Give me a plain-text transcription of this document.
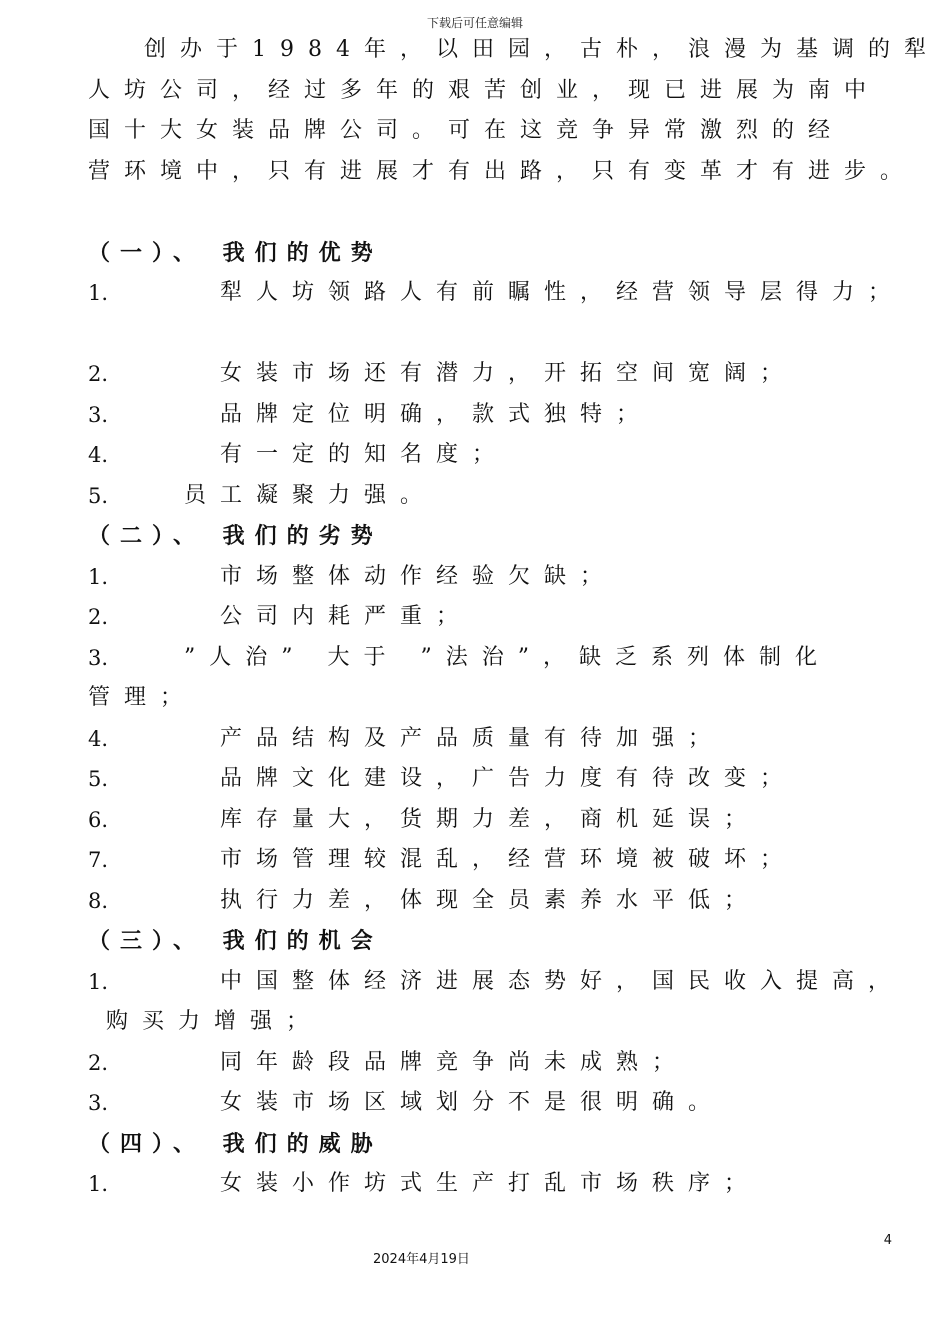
下载后可任意编辑
创办于1984年，以田园，古朴，浪漫为基调的犁
人坊公司，经过多年的艰苦创业，现已进展为南中
国十大女装品牌公司。可在这竞争异常激烈的经
营环境中，只有进展才有出路，只有变革才有进步。
（一）、 我们的优势
1.	犁人坊领路人有前瞩性，经营领导层得力；
2.	女装市场还有潜力，开拓空间宽阔；
3.	品牌定位明确，款式独特；
4.	有一定的知名度；
5.	员工凝聚力强。
（二）、 我们的劣势
1.	市场整体动作经验欠缺；
2.	公司内耗严重；
3.	”人治” 大于 ”法治”，缺乏系列体制化
管理；
4.	产品结构及产品质量有待加强；
5.	品牌文化建设，广告力度有待改变；
6.	库存量大，货期力差，商机延误；
7.	市场管理较混乱，经营环境被破坏；
8.	执行力差，体现全员素养水平低；
（三）、 我们的机会
1.	中国整体经济进展态势好，国民收入提高，
购买力增强；
2.	同年龄段品牌竞争尚未成熟；
3.	女装市场区域划分不是很明确。
（四）、 我们的威胁
1.	女装小作坊式生产打乱市场秩序；
4
2024年4月19日
